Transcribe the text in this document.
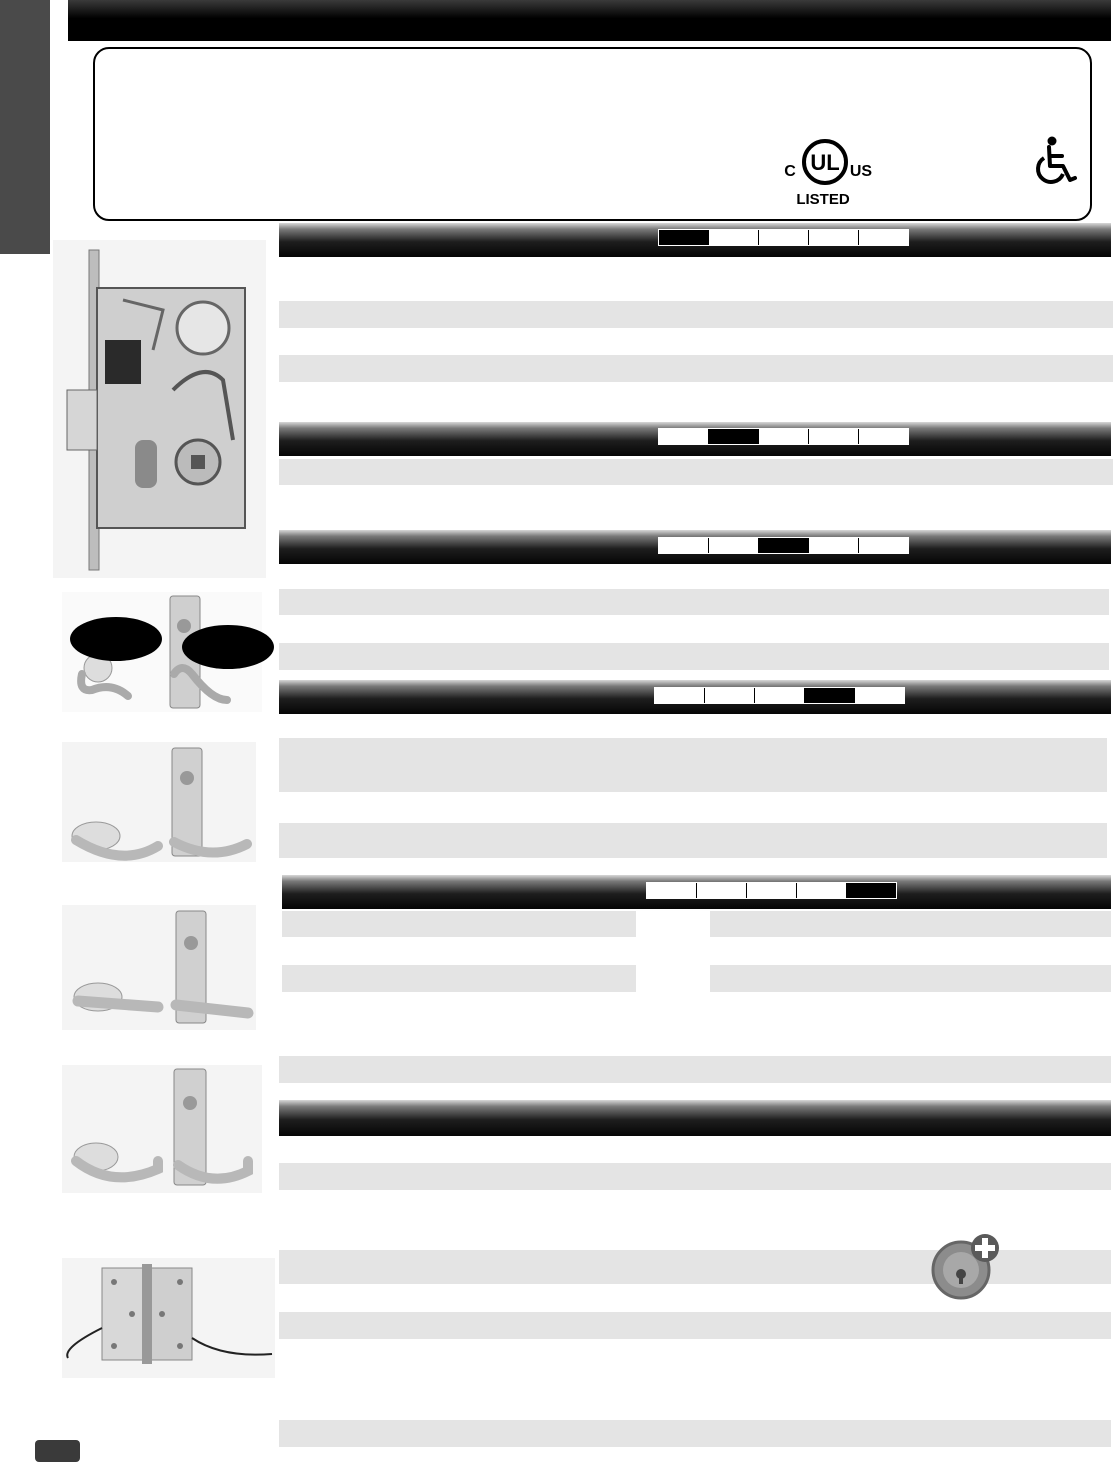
UL
C	US
LISTED
